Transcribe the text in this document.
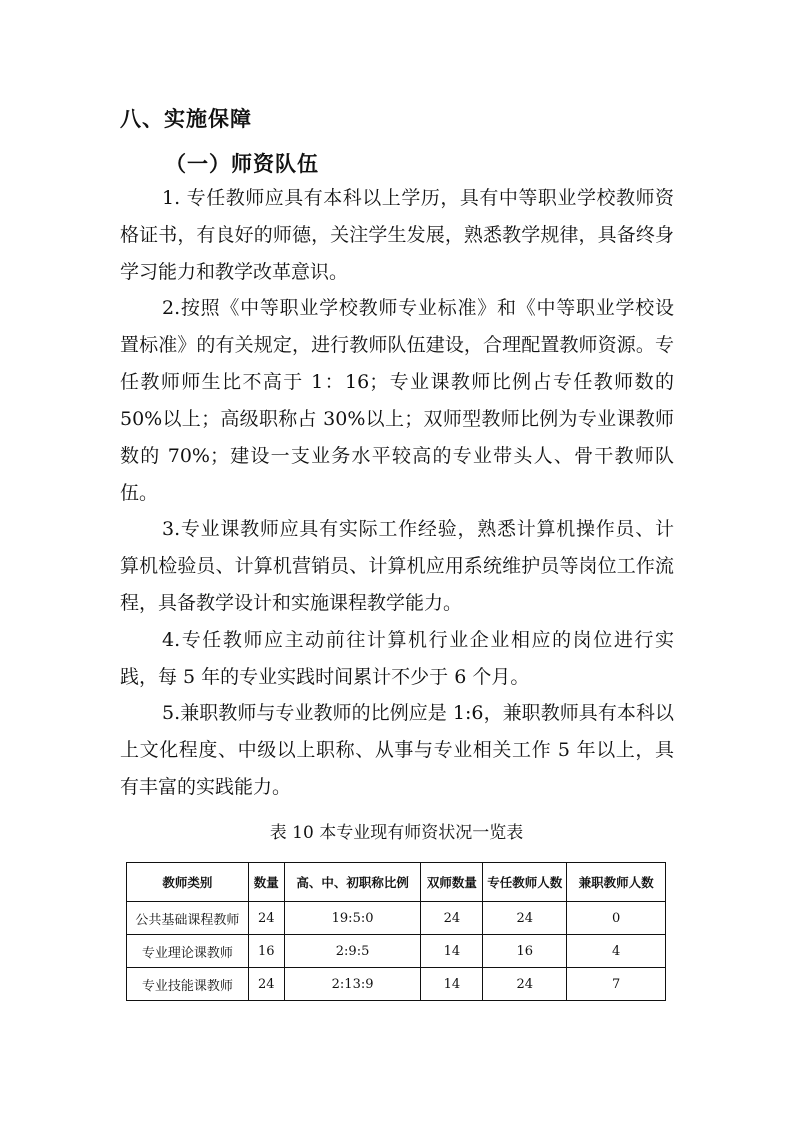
八、实施保障
（一）师资队伍

1. 专任教师应具有本科以上学历，具有中等职业学校教师资格证书，有良好的师德，关注学生发展，熟悉教学规律，具备终身学习能力和教学改革意识。

2.按照《中等职业学校教师专业标准》和《中等职业学校设置标准》的有关规定，进行教师队伍建设，合理配置教师资源。专任教师师生比不高于 1：16；专业课教师比例占专任教师数的 50%以上；高级职称占 30%以上；双师型教师比例为专业课教师数的 70%；建设一支业务水平较高的专业带头人、骨干教师队伍。

3.专业课教师应具有实际工作经验，熟悉计算机操作员、计算机检验员、计算机营销员、计算机应用系统维护员等岗位工作流程，具备教学设计和实施课程教学能力。

4.专任教师应主动前往计算机行业企业相应的岗位进行实践，每 5 年的专业实践时间累计不少于 6 个月。

5.兼职教师与专业教师的比例应是 1:6，兼职教师具有本科以上文化程度、中级以上职称、从事与专业相关工作 5 年以上，具有丰富的实践能力。

表 10 本专业现有师资状况一览表
教师类别	数量	高、中、初职称比例	双师数量	专任教师人数	兼职教师人数
公共基础课程教师	24	19:5:0	24	24	0
专业理论课教师	16	2:9:5	14	16	4
专业技能课教师	24	2:13:9	14	24	7
